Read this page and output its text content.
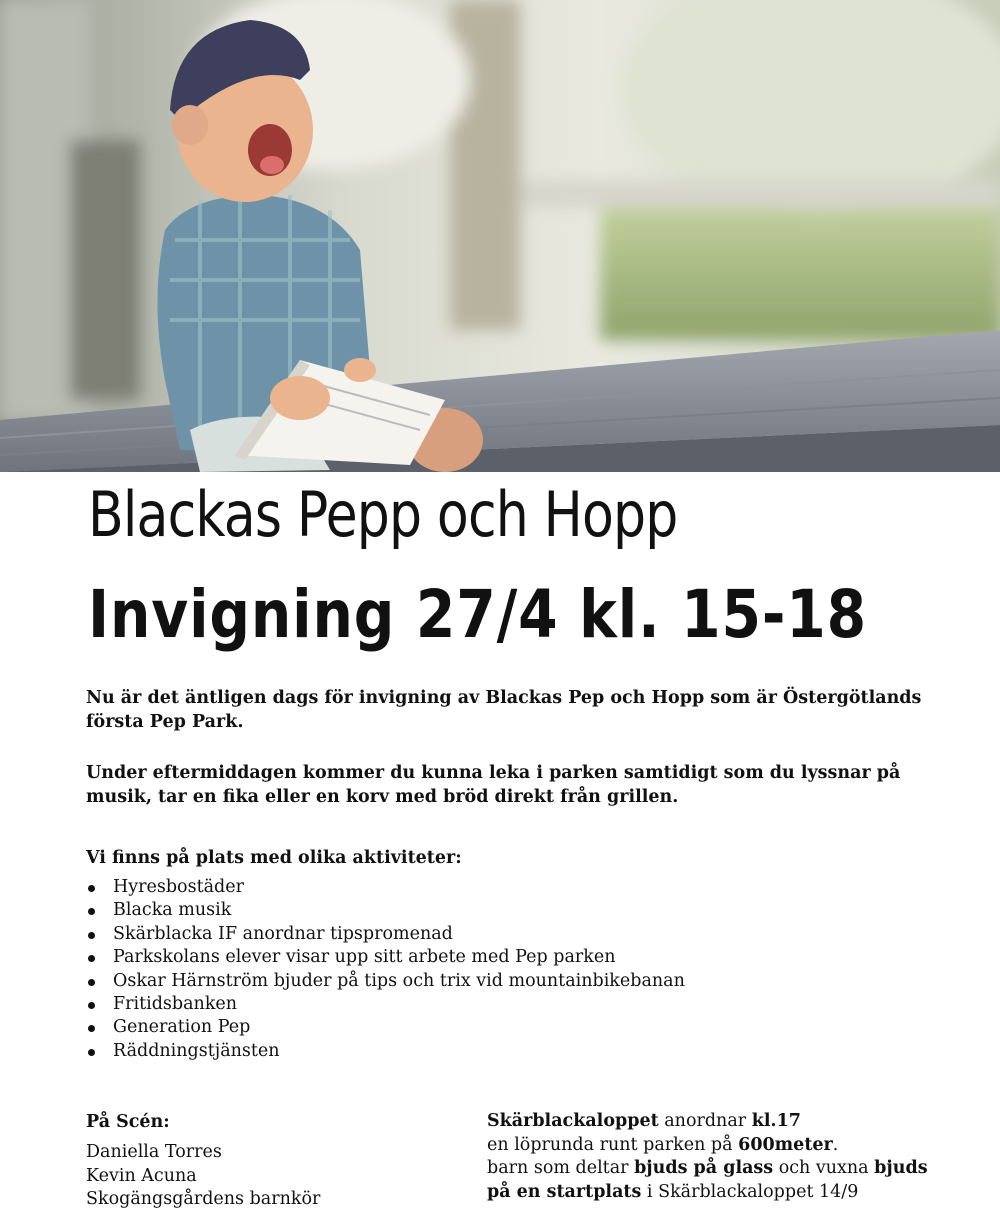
Blackas Pepp och Hopp
Invigning 27/4 kl. 15-18

Nu är det äntligen dags för invigning av Blackas Pep och Hopp som är Östergötlands första Pep Park.

Under eftermiddagen kommer du kunna leka i parken samtidigt som du lyssnar på musik, tar en fika eller en korv med bröd direkt från grillen.

Vi finns på plats med olika aktiviteter:

Hyresbostäder
Blacka musik
Skärblacka IF anordnar tipspromenad
Parkskolans elever visar upp sitt arbete med Pep parken
Oskar Härnström bjuder på tips och trix vid mountainbikebanan
Fritidsbanken
Generation Pep
Räddningstjänsten

På Scén:

Daniella Torres
Kevin Acuna
Skogängsgårdens barnkör

Skärblackaloppet anordnar kl.17
en löprunda runt parken på 600meter.
barn som deltar bjuds på glass och vuxna bjuds
på en startplats i Skärblackaloppet 14/9
